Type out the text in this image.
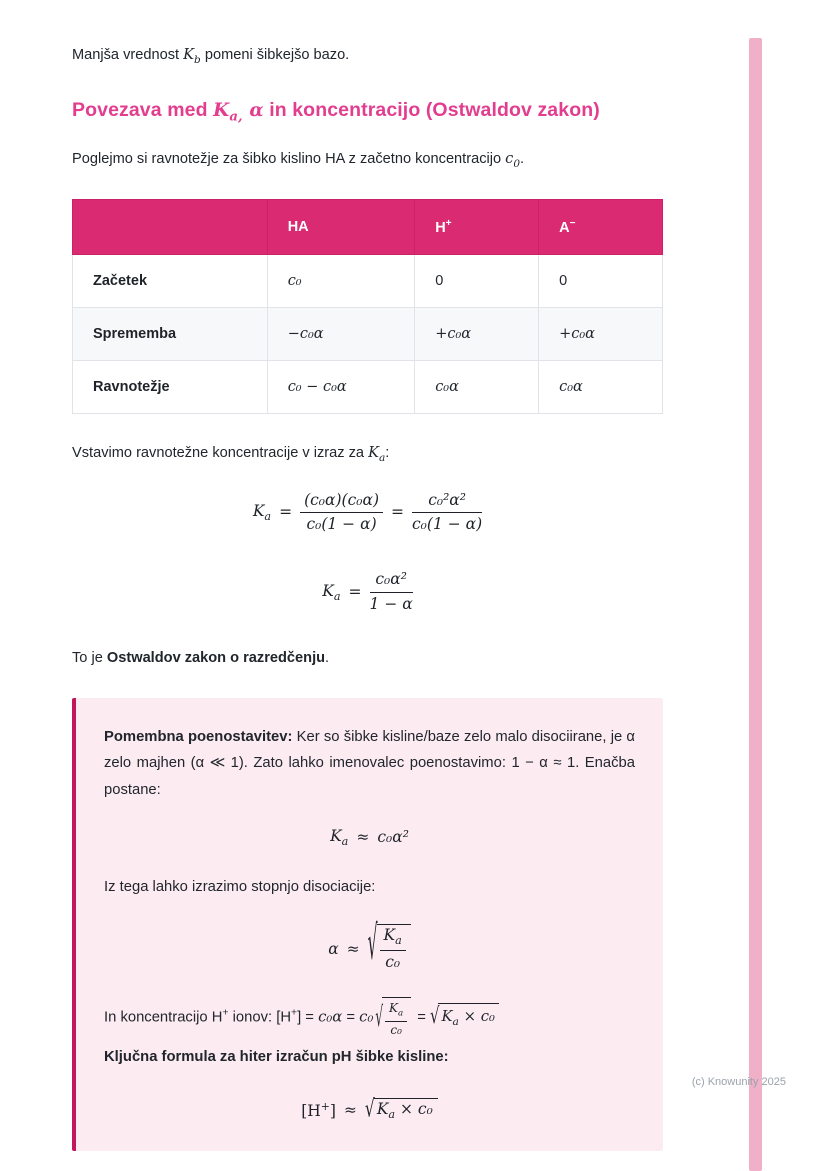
(c) Knowunity 2025

Manjša vrednost $K_b$ pomeni šibkejšo bazo.

Povezava med $K_{a,}$ α in koncentracijo (Ostwaldov zakon)

Poglejmo si ravnotežje za šibko kislino HA z začetno koncentracijo $c_0$.

	HA	H+	A−
Začetek	c₀	0	0
Sprememba	−c₀α	+c₀α	+c₀α
Ravnotežje	c₀ − c₀α	c₀α	c₀α

Vstavimo ravnotežne koncentracije v izraz za $K_a$:

$K_a = \frac{\text{(c₀α)(c₀α)}}{\text{c₀(1 − α)}} = \frac{\text{c₀²α²}}{\text{c₀(1 − α)}}$
$K_a = \frac{\text{c₀α²}}{1 - \alpha}$

To je Ostwaldov zakon o razredčenju.

Pomembna poenostavitev: Ker so šibke kisline/baze zelo malo disociirane, je α zelo majhen (α ≪ 1). Zato lahko imenovalec poenostavimo: 1 − α ≈ 1. Enačba postane:

$K_a \approx c_0\alpha^2$

Iz tega lahko izrazimo stopnjo disociacije:

α ≈ √ $\frac{K_a}{\text{c₀}}$

In koncentracijo H+ ionov: [H+] = c₀α = c₀ √ $\frac{K_a}{\text{c₀}}$ = √ $K_a \times c_0$

Ključna formula za hiter izračun pH šibke kisline:

[H+] ≈ √ $K_a \times c_0$
